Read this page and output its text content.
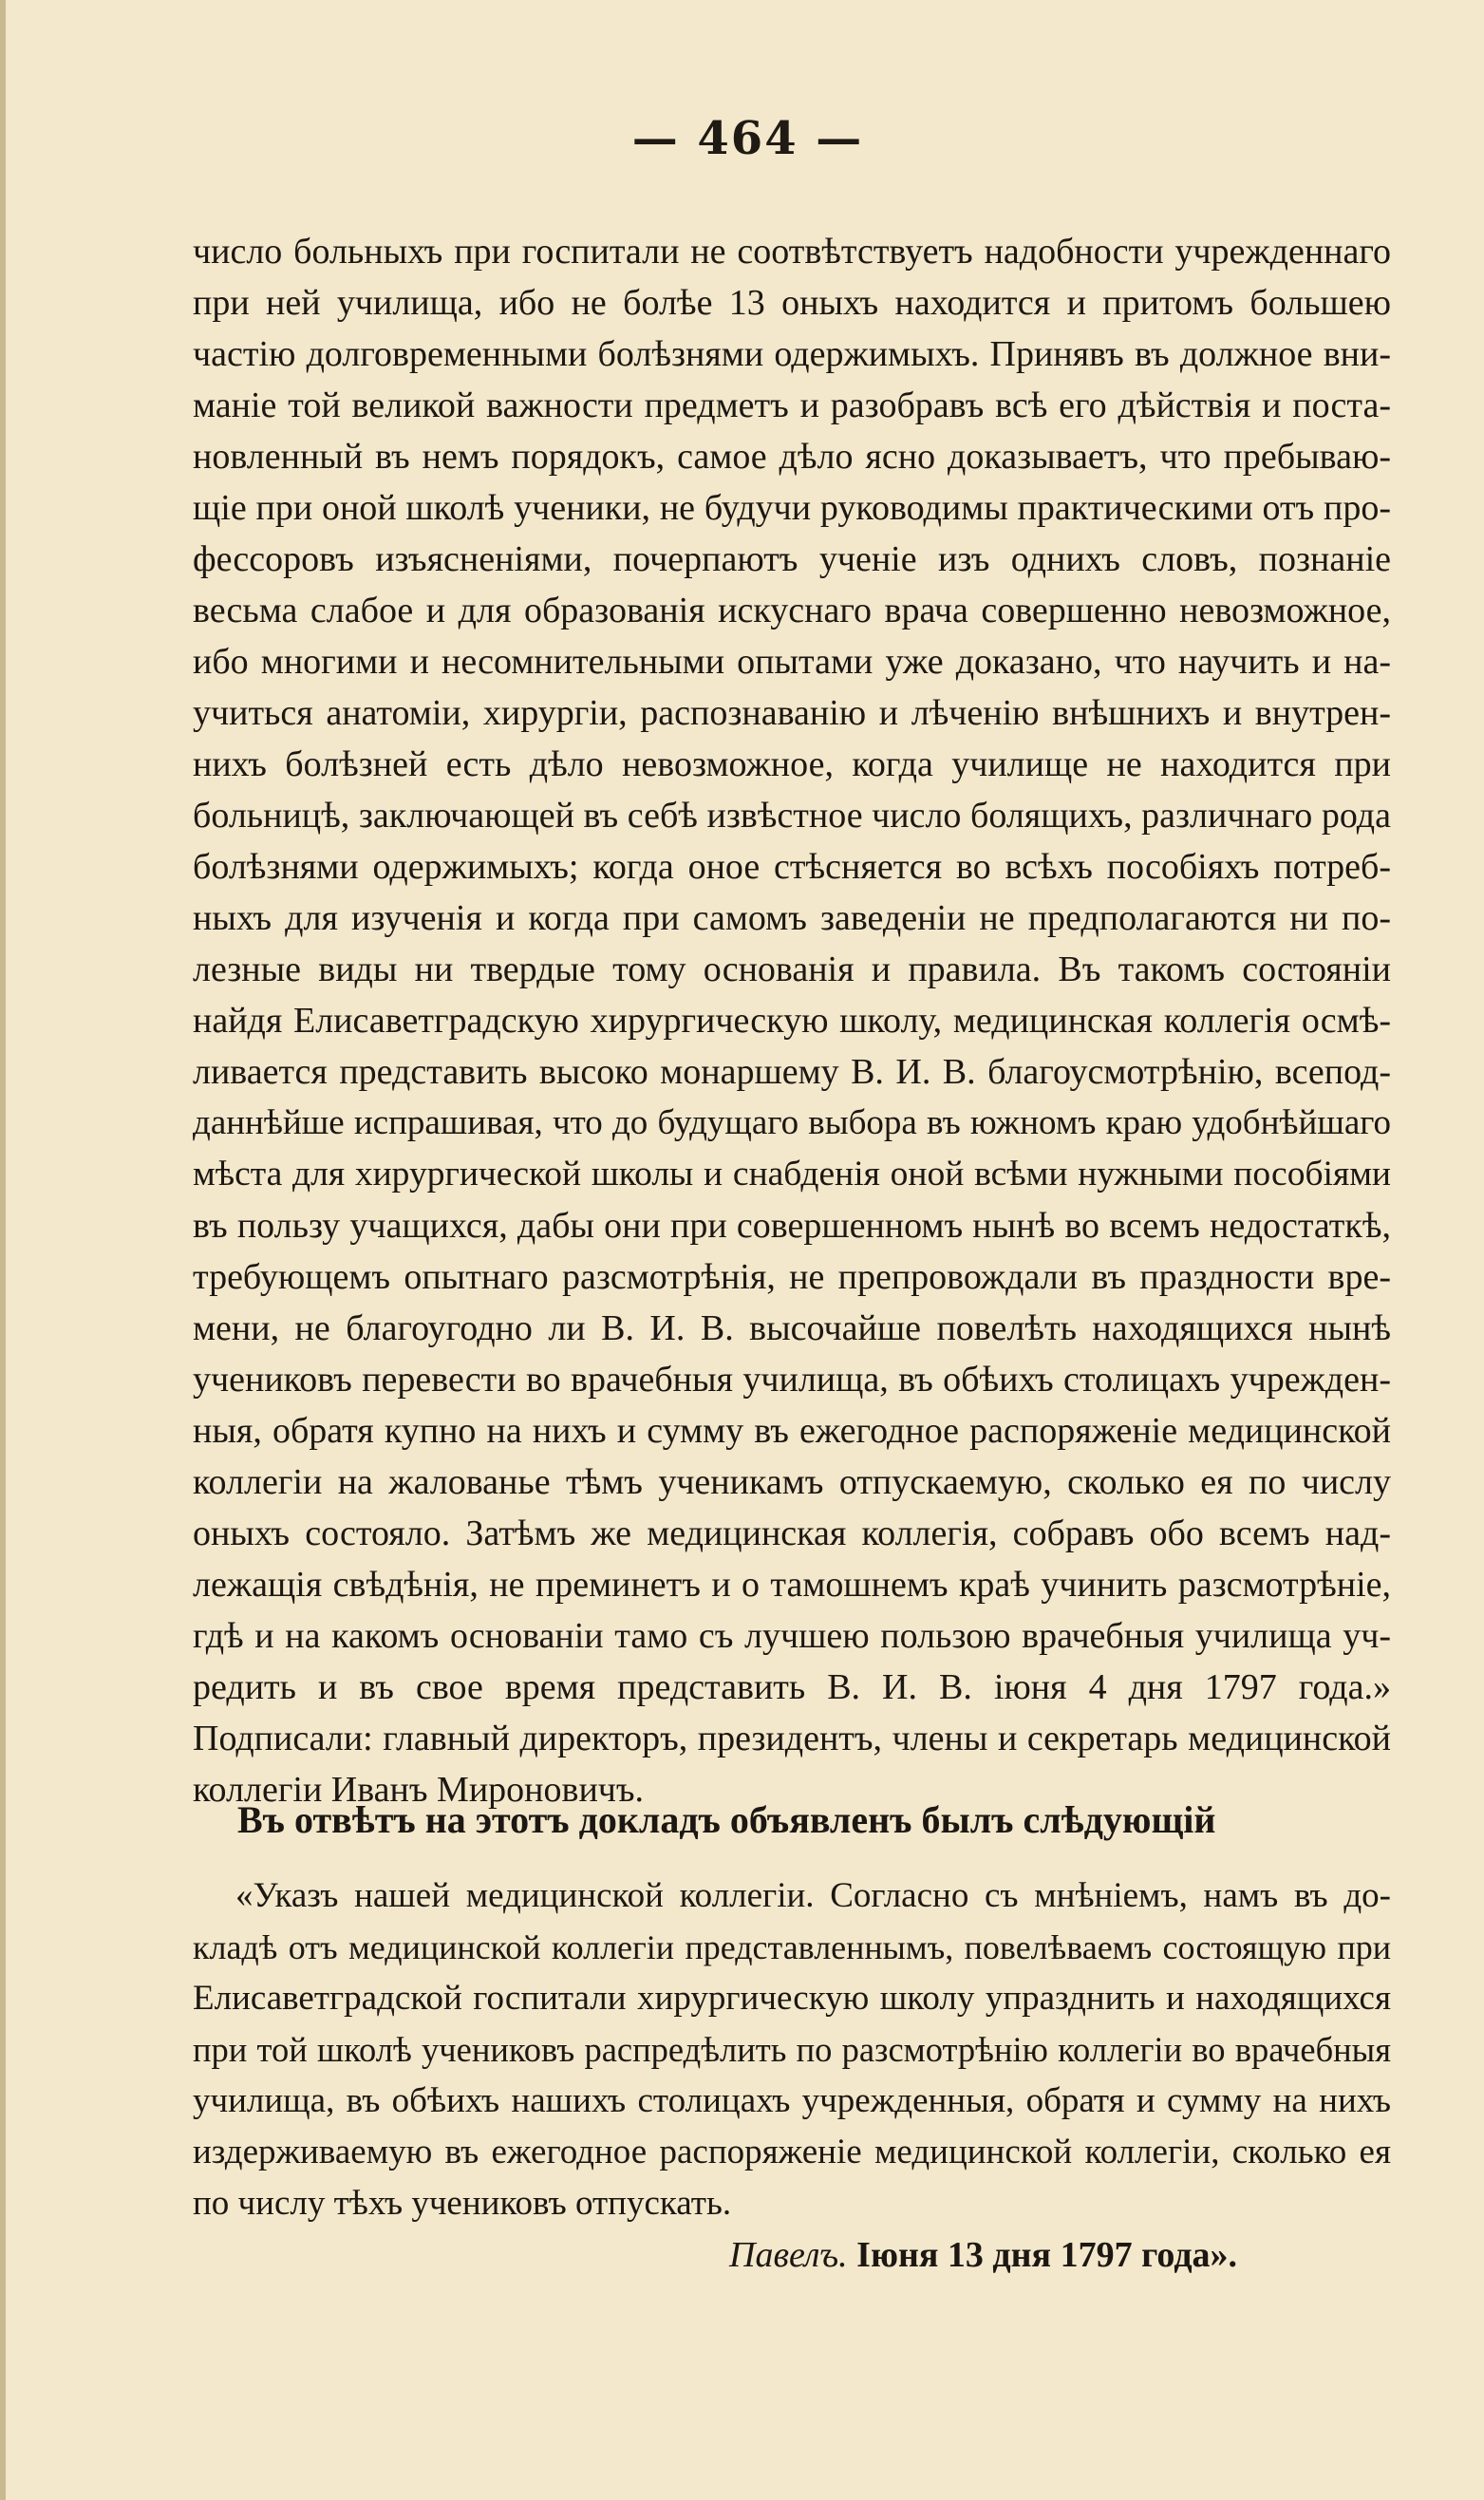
— 464 —
число больныхъ при госпитали не соотвѣтствуетъ надобности учрежденнаго
при ней училища, ибо не болѣе 13 оныхъ находится и притомъ большею
частію долговременными болѣзнями одержимыхъ. Принявъ въ должное вни-
маніе той великой важности предметъ и разобравъ всѣ его дѣйствія и поста-
новленный въ немъ порядокъ, самое дѣло ясно доказываетъ, что пребываю-
щіе при оной школѣ ученики, не будучи руководимы практическими отъ про-
фессоровъ изъясненіями, почерпаютъ ученіе изъ однихъ словъ, познаніе
весьма слабое и для образованія искуснаго врача совершенно невозможное,
ибо многими и несомнительными опытами уже доказано, что научить и на-
учиться анатоміи, хирургіи, распознаванію и лѣченію внѣшнихъ и внутрен-
нихъ болѣзней есть дѣло невозможное, когда училище не находится при
больницѣ, заключающей въ себѣ извѣстное число болящихъ, различнаго рода
болѣзнями одержимыхъ; когда оное стѣсняется во всѣхъ пособіяхъ потреб-
ныхъ для изученія и когда при самомъ заведеніи не предполагаются ни по-
лезные виды ни твердые тому основанія и правила. Въ такомъ состояніи
найдя Елисаветградскую хирургическую школу, медицинская коллегія осмѣ-
ливается представить высоко монаршему В. И. В. благоусмотрѣнію, всепод-
даннѣйше испрашивая, что до будущаго выбора въ южномъ краю удобнѣйшаго
мѣста для хирургической школы и снабденія оной всѣми нужными пособіями
въ пользу учащихся, дабы они при совершенномъ нынѣ во всемъ недостаткѣ,
требующемъ опытнаго разсмотрѣнія, не препровождали въ праздности вре-
мени, не благоугодно ли В. И. В. высочайше повелѣть находящихся нынѣ
учениковъ перевести во врачебныя училища, въ обѣихъ столицахъ учрежден-
ныя, обратя купно на нихъ и сумму въ ежегодное распоряженіе медицинской
коллегіи на жалованье тѣмъ ученикамъ отпускаемую, сколько ея по числу
оныхъ состояло. Затѣмъ же медицинская коллегія, собравъ обо всемъ над-
лежащія свѣдѣнія, не преминетъ и о тамошнемъ краѣ учинить разсмотрѣніе,
гдѣ и на какомъ основаніи тамо съ лучшею пользою врачебныя училища уч-
редить и въ свое время представить В. И. В. іюня 4 дня 1797 года.»
Подписали: главный директоръ, президентъ, члены и секретарь медицинской
коллегіи Иванъ Мироновичъ.
Въ отвѣтъ на этотъ докладъ объявленъ былъ слѣдующій
«Указъ нашей медицинской коллегіи. Согласно съ мнѣніемъ, намъ въ до-
кладѣ отъ медицинской коллегіи представленнымъ, повелѣваемъ состоящую при
Елисаветградской госпитали хирургическую школу упразднить и находящихся
при той школѣ учениковъ распредѣлить по разсмотрѣнію коллегіи во врачебныя
училища, въ обѣихъ нашихъ столицахъ учрежденныя, обратя и сумму на нихъ
издерживаемую въ ежегодное распоряженіе медицинской коллегіи, сколько ея
по числу тѣхъ учениковъ отпускать.
Павелъ. Іюня 13 дня 1797 года».
